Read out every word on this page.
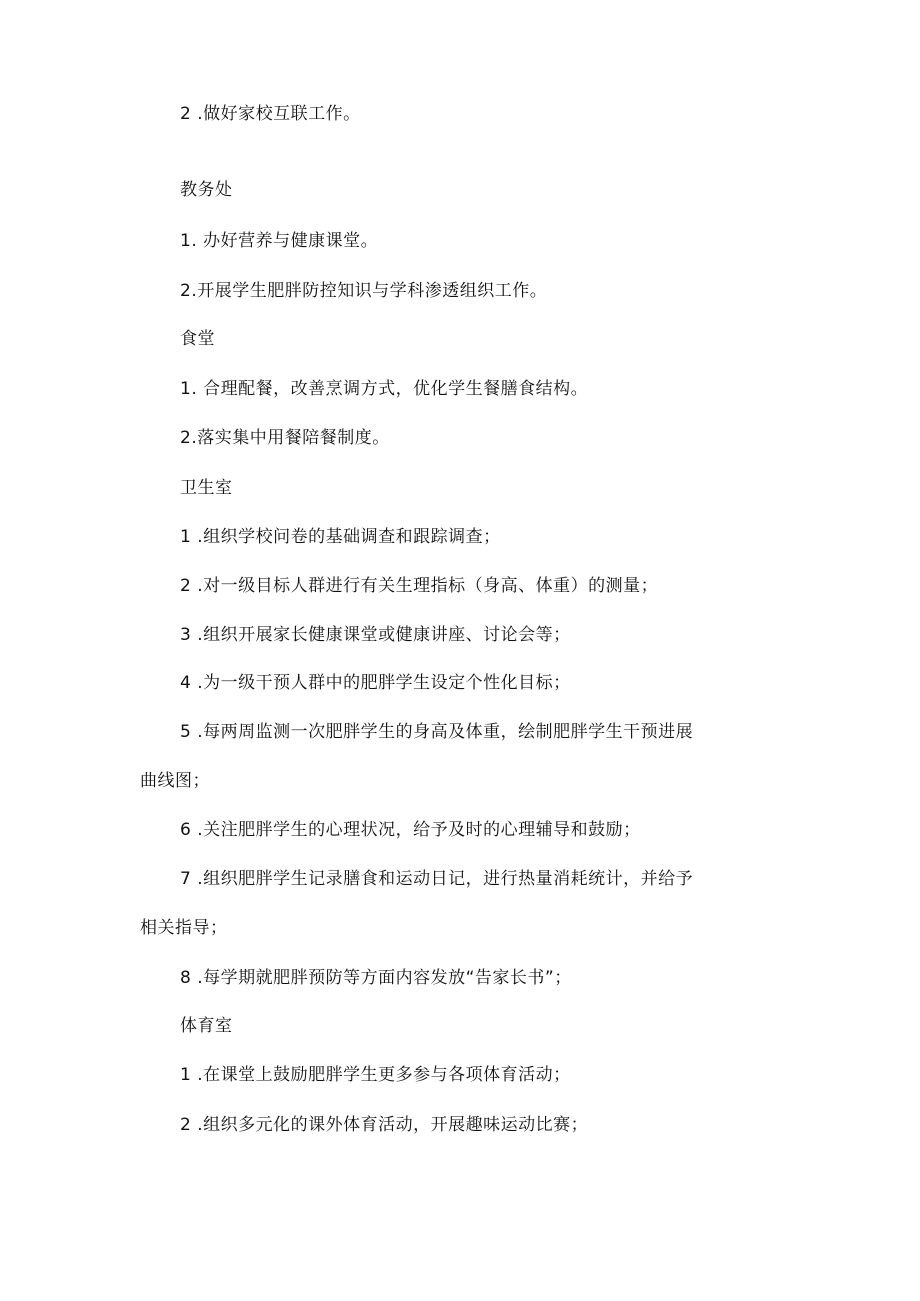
2 .做好家校互联工作。
教务处
1. 办好营养与健康课堂。
2.开展学生肥胖防控知识与学科渗透组织工作。
食堂
1. 合理配餐，改善烹调方式，优化学生餐膳食结构。
2.落实集中用餐陪餐制度。
卫生室
1 .组织学校问卷的基础调查和跟踪调查；
2 .对一级目标人群进行有关生理指标（身高、体重）的测量；
3 .组织开展家长健康课堂或健康讲座、讨论会等；
4 .为一级干预人群中的肥胖学生设定个性化目标；
5 .每两周监测一次肥胖学生的身高及体重，绘制肥胖学生干预进展
曲线图；
6 .关注肥胖学生的心理状况，给予及时的心理辅导和鼓励；
7 .组织肥胖学生记录膳食和运动日记，进行热量消耗统计，并给予
相关指导；
8 .每学期就肥胖预防等方面内容发放“告家长书”；
体育室
1 .在课堂上鼓励肥胖学生更多参与各项体育活动；
2 .组织多元化的课外体育活动，开展趣味运动比赛；
